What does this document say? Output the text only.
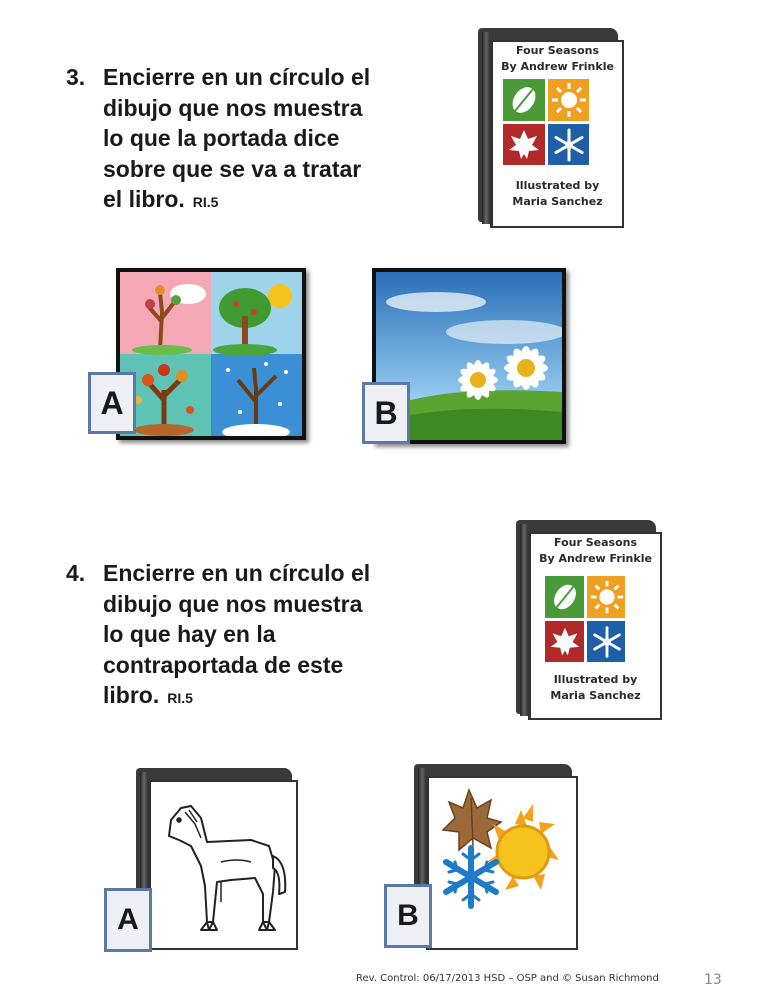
3. Encierre en un círculo el
dibujo que nos muestra
lo que la portada dice
sobre que se va a tratar
el libro. RI.5
Four Seasons
By Andrew Frinkle
Illustrated by
Maria Sanchez
A	B
4. Encierre en un círculo el
dibujo que nos muestra
lo que hay en la
contraportada de este
libro. RI.5
Four Seasons
By Andrew Frinkle
Illustrated by
Maria Sanchez
A	B
Rev. Control: 06/17/2013 HSD – OSP and © Susan Richmond	13
